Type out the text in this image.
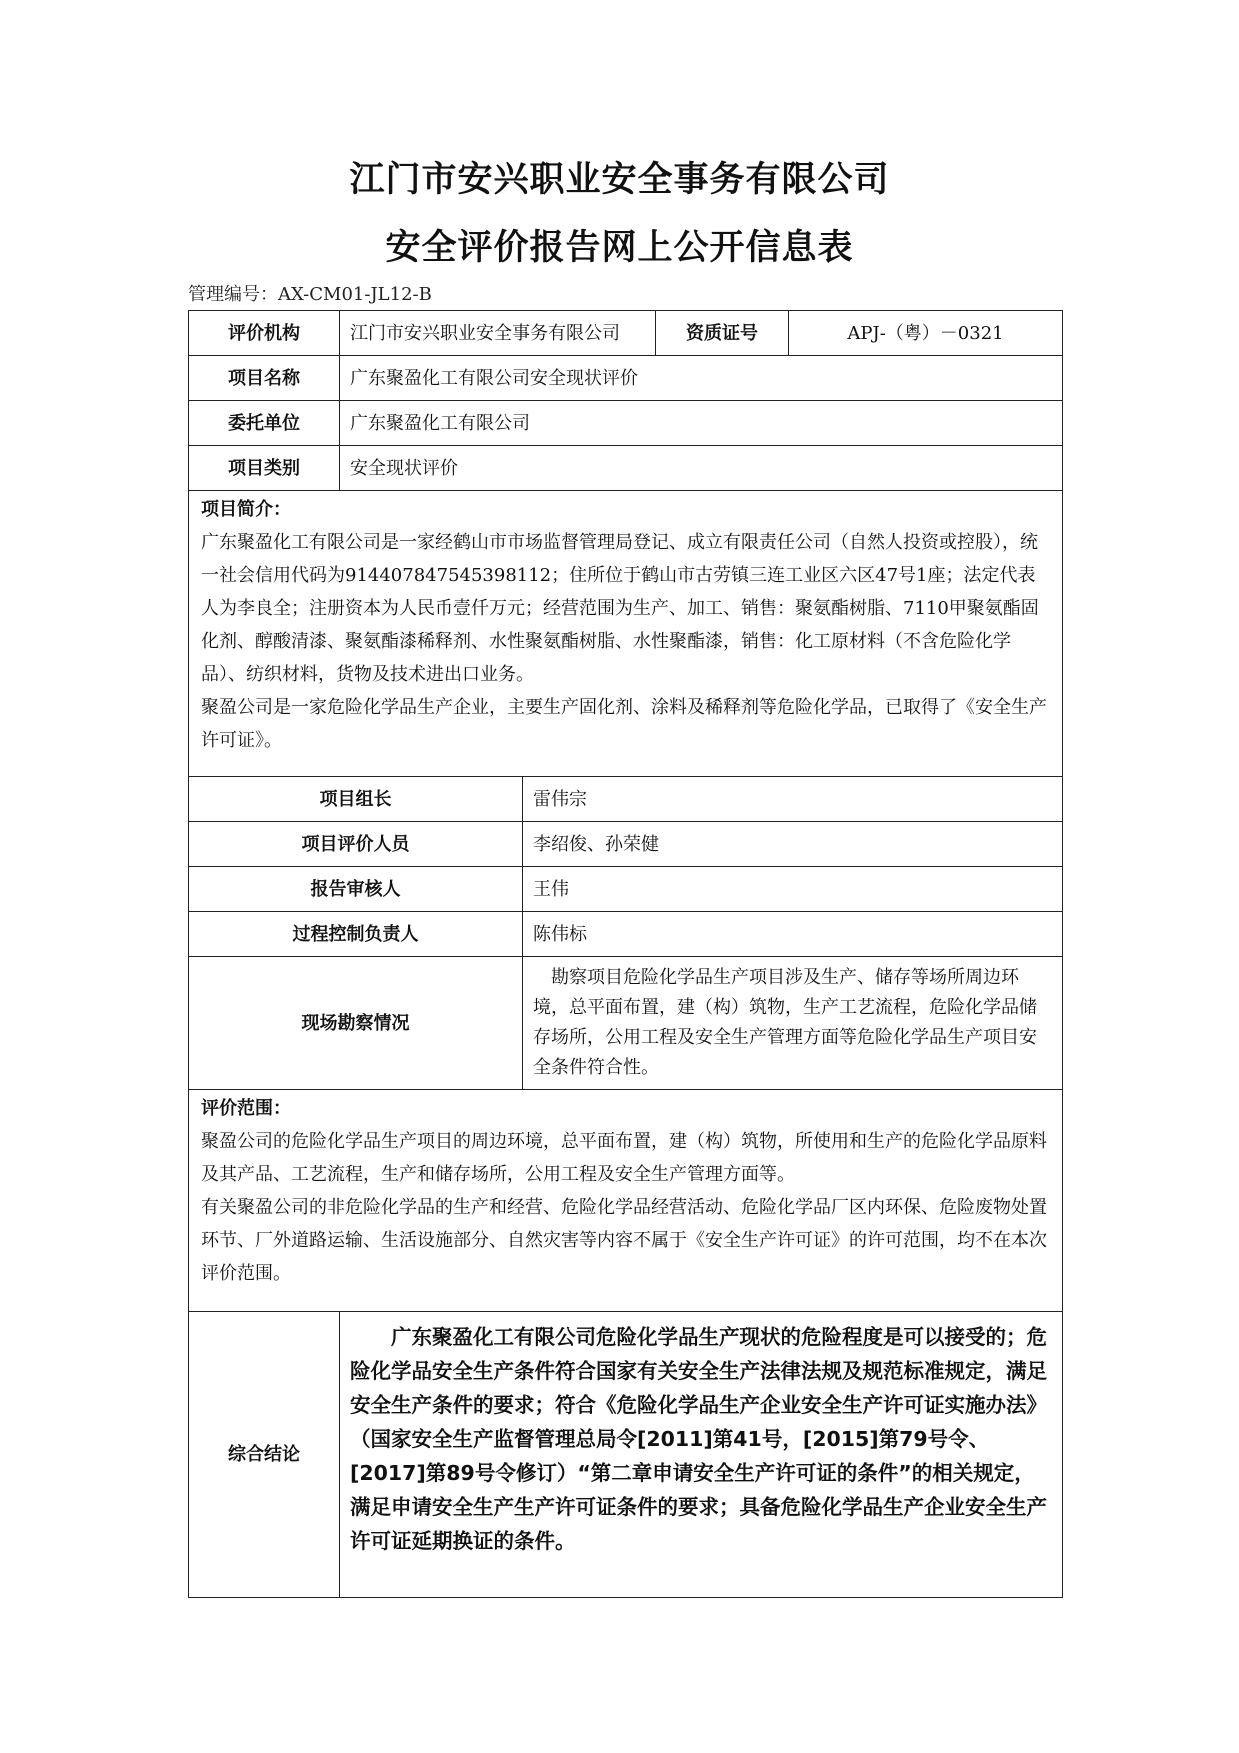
江门市安兴职业安全事务有限公司
安全评价报告网上公开信息表
管理编号：AX-CM01-JL12-B
评价机构	江门市安兴职业安全事务有限公司		资质证号	APJ-（粤）－0321
项目名称	广东聚盈化工有限公司安全现状评价			
委托单位	广东聚盈化工有限公司			
项目类别	安全现状评价			

项目简介：
广东聚盈化工有限公司是一家经鹤山市市场监督管理局登记、成立有限责任公司（自然人投资或控股），统一社会信用代码为914407847545398112；住所位于鹤山市古劳镇三连工业区六区47号1座；法定代表人为李良全；注册资本为人民币壹仟万元；经营范围为生产、加工、销售：聚氨酯树脂、7110甲聚氨酯固化剂、醇酸清漆、聚氨酯漆稀释剂、水性聚氨酯树脂、水性聚酯漆，销售：化工原材料（不含危险化学品）、纺织材料，货物及技术进出口业务。
聚盈公司是一家危险化学品生产企业，主要生产固化剂、涂料及稀释剂等危险化学品，已取得了《安全生产许可证》。				

项目组长		雷伟宗		
项目评价人员		李绍俊、孙荣健		
报告审核人		王伟		
过程控制负责人		陈伟标		
现场勘察情况		勘察项目危险化学品生产项目涉及生产、储存等场所周边环境，总平面布置，建（构）筑物，生产工艺流程，危险化学品储存场所，公用工程及安全生产管理方面等危险化学品生产项目安全条件符合性。		

评价范围：
聚盈公司的危险化学品生产项目的周边环境，总平面布置，建（构）筑物，所使用和生产的危险化学品原料及其产品、工艺流程，生产和储存场所，公用工程及安全生产管理方面等。
有关聚盈公司的非危险化学品的生产和经营、危险化学品经营活动、危险化学品厂区内环保、危险废物处置环节、厂外道路运输、生活设施部分、自然灾害等内容不属于《安全生产许可证》的许可范围，均不在本次评价范围。				

综合结论	广东聚盈化工有限公司危险化学品生产现状的危险程度是可以接受的；危险化学品安全生产条件符合国家有关安全生产法律法规及规范标准规定，满足安全生产条件的要求；符合《危险化学品生产企业安全生产许可证实施办法》（国家安全生产监督管理总局令[2011]第41号，[2015]第79号令、[2017]第89号令修订）“第二章申请安全生产许可证的条件”的相关规定，满足申请安全生产生产许可证条件的要求；具备危险化学品生产企业安全生产许可证延期换证的条件。			
